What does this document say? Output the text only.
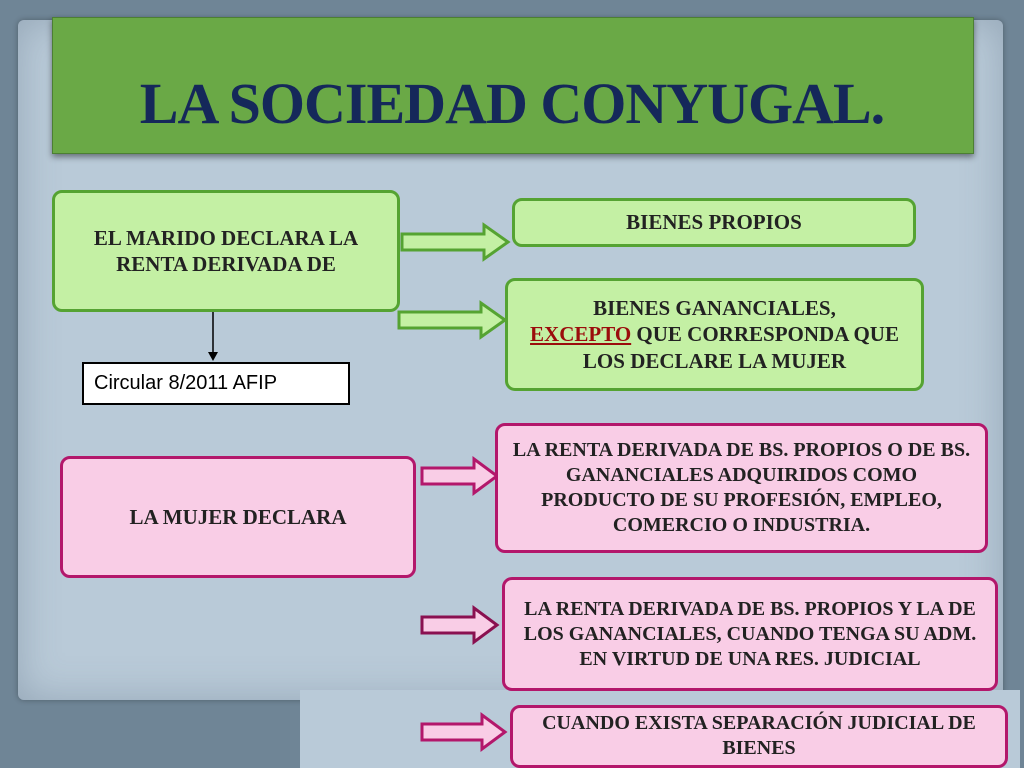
LA SOCIEDAD CONYUGAL.
EL MARIDO DECLARA LA RENTA DERIVADA DE
BIENES PROPIOS
BIENES GANANCIALES,
EXCEPTO QUE CORRESPONDA QUE LOS DECLARE LA MUJER
Circular 8/2011 AFIP
LA MUJER DECLARA
LA RENTA DERIVADA DE BS. PROPIOS O DE BS. GANANCIALES ADQUIRIDOS COMO PRODUCTO DE SU PROFESIÓN, EMPLEO, COMERCIO O INDUSTRIA.
LA RENTA DERIVADA DE BS. PROPIOS Y LA DE LOS GANANCIALES, CUANDO TENGA SU ADM. EN VIRTUD DE UNA RES. JUDICIAL
CUANDO EXISTA SEPARACIÓN JUDICIAL DE BIENES
